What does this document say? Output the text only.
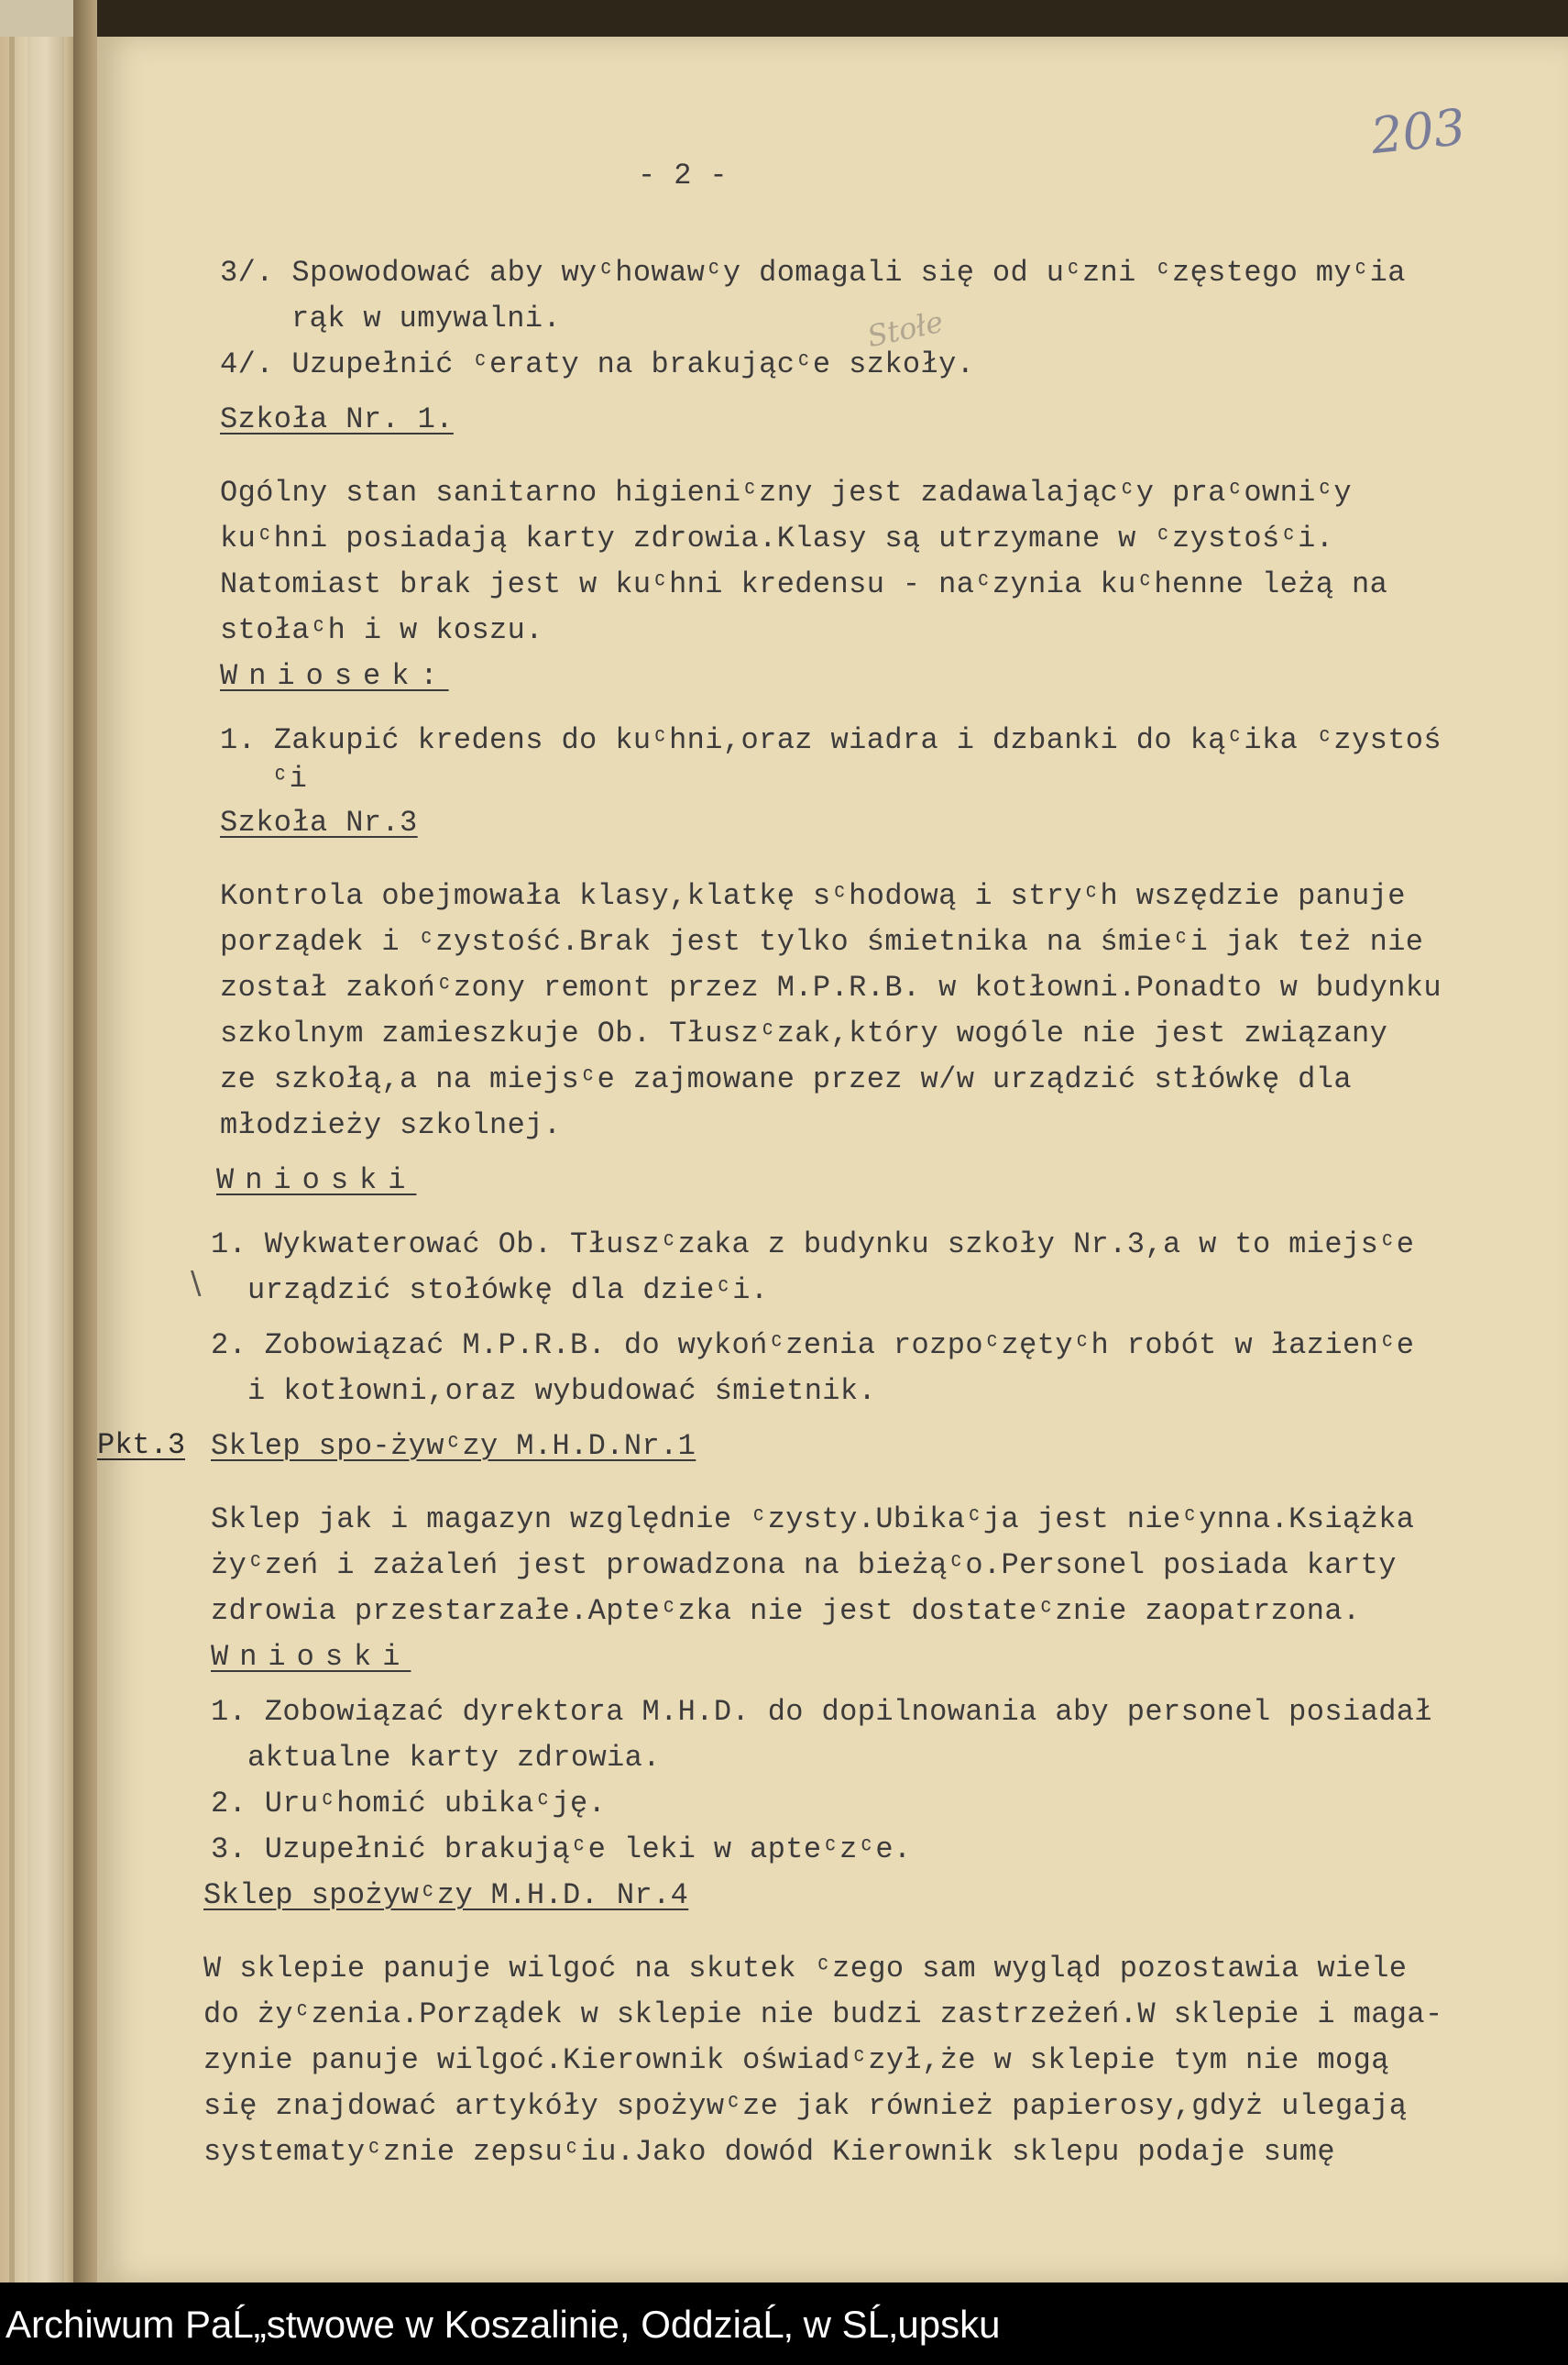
203
- 2 -
Stołe
3/. Spowodować aby wyᶜhowawᶜy domagali się od uᶜzni ᶜzęstego myᶜia
rąk w umywalni.
4/. Uzupełnić ᶜеraty na brakującᶜe szkoły.
Szkoła Nr. 1.
Ogólny stan sanitarno higieniᶜzny jest zadawalającᶜy praᶜowniᶜy
kuᶜhni posiadają karty zdrowia.Klasy są utrzymane w ᶜzystośᶜi.
Natomiast brak jest w kuᶜhni kredensu - naᶜzynia kuᶜhenne leżą na
stołaᶜh i w koszu.
Wniosek:
1. Zakupić kredens do kuᶜhni,oraz wiadra i dzbanki do kąᶜika ᶜzystoś
ᶜi
Szkoła Nr.3
Kontrola obejmowała klasy,klatkę sᶜhodową i stryᶜh wszędzie panuje
porządek i ᶜzystość.Brak jest tylko śmietnika na śmieᶜi jak też nie
został zakońᶜzony remont przez M.P.R.B. w kotłowni.Ponadto w budynku
szkolnym zamieszkuje Ob. Tłuszᶜzak,który wogóle nie jest związany
ze szkołą,a na miejsᶜe zajmowane przez w/w urządzić stłówkę dla
młodzieży szkolnej.
Wnioski
1. Wykwaterować Ob. Tłuszᶜzaka z budynku szkoły Nr.3,a w to miejsᶜe
urządzić stołówkę dla dzieᶜi.
\
2. Zobowiązać M.P.R.B. do wykońᶜzenia rozpoᶜzętyᶜh robót w łazienᶜe
i kotłowni,oraz wybudować śmietnik.
Pkt.3 Sklep spo-żywᶜzy M.H.D.Nr.1
Sklep jak i magazyn względnie ᶜzysty.Ubikaᶜja jest nieᶜynna.Książka
żyᶜzeń i zażaleń jest prowadzona na bieżąᶜo.Personel posiada karty
zdrowia przestarzałe.Apteᶜzka nie jest dostateᶜznie zaopatrzona.
Wnioski
1. Zobowiązać dyrektora M.H.D. do dopilnowania aby personel posiadał
aktualne karty zdrowia.
2. Uruᶜhomić ubikaᶜję.
3. Uzupełnić brakująᶜe leki w apteᶜzᶜe.
Sklep spożywᶜzy M.H.D. Nr.4
W sklepie panuje wilgoć na skutek ᶜzego sam wygląd pozostawia wiele
do żyᶜzenia.Porządek w sklepie nie budzi zastrzeżeń.W sklepie i maga-
zynie panuje wilgoć.Kierownik oświadᶜzył,że w sklepie tym nie mogą
się znajdować artykóły spożywᶜze jak również papierosy,gdyż ulegają
systematyᶜznie zepsuᶜiu.Jako dowód Kierownik sklepu podaje sumę
Archiwum PaĹ„stwowe w Koszalinie, OddziaĹ‚ w SĹ‚upsku
